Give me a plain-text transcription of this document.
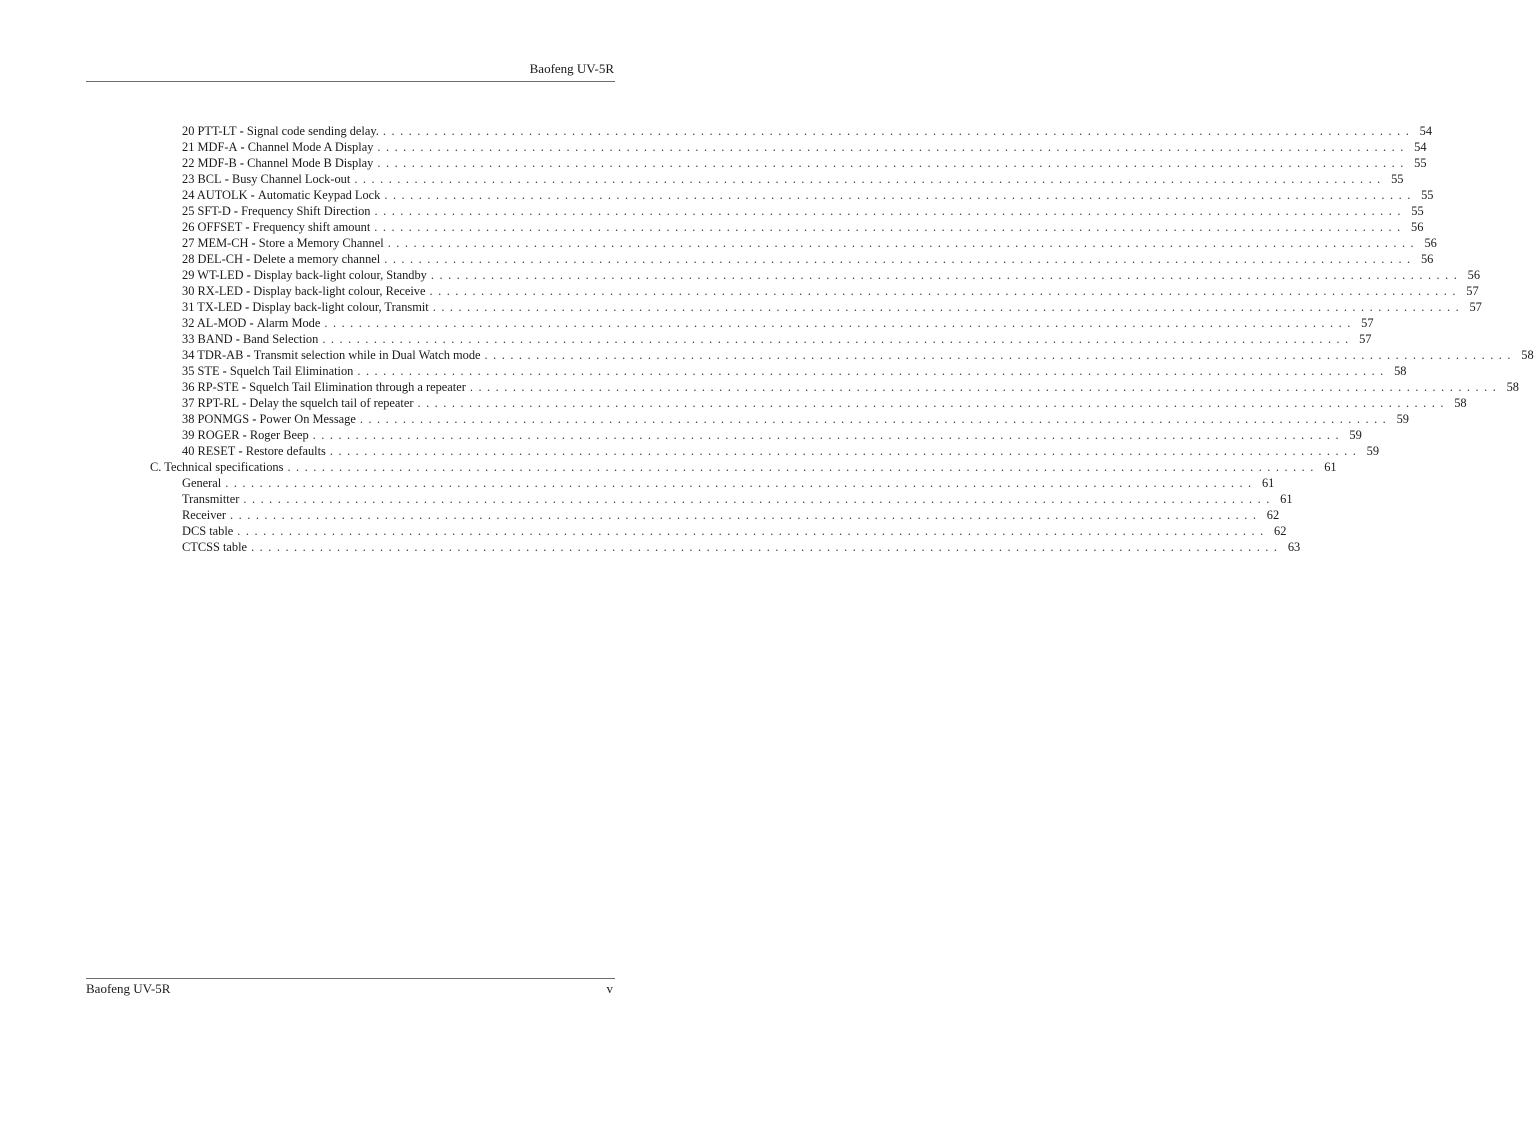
Baofeng UV-5R
20 PTT-LT - Signal code sending delay. . . . . . . . . . . . . . . . . . . . . . . . . . . . . . . . . . . . . . . . . . . . . . . . . . . . . . . . . . . . . . . . . . . . . . . . . . . . . . . . . . . . . . . . . . . . . . . . . . . . . . . . . . . . . . . . . . . . . . . . . 54
21 MDF-A - Channel Mode A Display . . . . . . . . . . . . . . . . . . . . . . . . . . . . . . . . . . . . . . . . . . . . . . . . . . . . . . . . . . . . . . . . . . . . . . . . . . . . . . . . . . . . . . . . . . . . . . . . . . . . . . . . . . . . . . . . . . . . . . . . 54
22 MDF-B - Channel Mode B Display . . . . . . . . . . . . . . . . . . . . . . . . . . . . . . . . . . . . . . . . . . . . . . . . . . . . . . . . . . . . . . . . . . . . . . . . . . . . . . . . . . . . . . . . . . . . . . . . . . . . . . . . . . . . . . . . . . . . . . . . 55
23 BCL - Busy Channel Lock-out . . . . . . . . . . . . . . . . . . . . . . . . . . . . . . . . . . . . . . . . . . . . . . . . . . . . . . . . . . . . . . . . . . . . . . . . . . . . . . . . . . . . . . . . . . . . . . . . . . . . . . . . . . . . . . . . . . . . . . . . 55
24 AUTOLK - Automatic Keypad Lock . . . . . . . . . . . . . . . . . . . . . . . . . . . . . . . . . . . . . . . . . . . . . . . . . . . . . . . . . . . . . . . . . . . . . . . . . . . . . . . . . . . . . . . . . . . . . . . . . . . . . . . . . . . . . . . . . . . . . . . . 55
25 SFT-D - Frequency Shift Direction . . . . . . . . . . . . . . . . . . . . . . . . . . . . . . . . . . . . . . . . . . . . . . . . . . . . . . . . . . . . . . . . . . . . . . . . . . . . . . . . . . . . . . . . . . . . . . . . . . . . . . . . . . . . . . . . . . . . . . . . 55
26 OFFSET - Frequency shift amount . . . . . . . . . . . . . . . . . . . . . . . . . . . . . . . . . . . . . . . . . . . . . . . . . . . . . . . . . . . . . . . . . . . . . . . . . . . . . . . . . . . . . . . . . . . . . . . . . . . . . . . . . . . . . . . . . . . . . . . . 56
27 MEM-CH - Store a Memory Channel . . . . . . . . . . . . . . . . . . . . . . . . . . . . . . . . . . . . . . . . . . . . . . . . . . . . . . . . . . . . . . . . . . . . . . . . . . . . . . . . . . . . . . . . . . . . . . . . . . . . . . . . . . . . . . . . . . . . . . . . 56
28 DEL-CH - Delete a memory channel . . . . . . . . . . . . . . . . . . . . . . . . . . . . . . . . . . . . . . . . . . . . . . . . . . . . . . . . . . . . . . . . . . . . . . . . . . . . . . . . . . . . . . . . . . . . . . . . . . . . . . . . . . . . . . . . . . . . . . . . 56
29 WT-LED - Display back-light colour, Standby . . . . . . . . . . . . . . . . . . . . . . . . . . . . . . . . . . . . . . . . . . . . . . . . . . . . . . . . . . . . . . . . . . . . . . . . . . . . . . . . . . . . . . . . . . . . . . . . . . . . . . . . . . . . . . . . . . . . . . . . 56
30 RX-LED - Display back-light colour, Receive . . . . . . . . . . . . . . . . . . . . . . . . . . . . . . . . . . . . . . . . . . . . . . . . . . . . . . . . . . . . . . . . . . . . . . . . . . . . . . . . . . . . . . . . . . . . . . . . . . . . . . . . . . . . . . . . . . . . . . . . 57
31 TX-LED - Display back-light colour, Transmit . . . . . . . . . . . . . . . . . . . . . . . . . . . . . . . . . . . . . . . . . . . . . . . . . . . . . . . . . . . . . . . . . . . . . . . . . . . . . . . . . . . . . . . . . . . . . . . . . . . . . . . . . . . . . . . . . . . . . . . . 57
32 AL-MOD - Alarm Mode . . . . . . . . . . . . . . . . . . . . . . . . . . . . . . . . . . . . . . . . . . . . . . . . . . . . . . . . . . . . . . . . . . . . . . . . . . . . . . . . . . . . . . . . . . . . . . . . . . . . . . . . . . . . . . . . . . . . . . . . 57
33 BAND - Band Selection . . . . . . . . . . . . . . . . . . . . . . . . . . . . . . . . . . . . . . . . . . . . . . . . . . . . . . . . . . . . . . . . . . . . . . . . . . . . . . . . . . . . . . . . . . . . . . . . . . . . . . . . . . . . . . . . . . . . . . . . 57
34 TDR-AB - Transmit selection while in Dual Watch mode . . . . . . . . . . . . . . . . . . . . . . . . . . . . . . . . . . . . . . . . . . . . . . . . . . . . . . . . . . . . . . . . . . . . . . . . . . . . . . . . . . . . . . . . . . . . . . . . . . . . . . . . . . . . . . . . . . . . . . . . 58
35 STE - Squelch Tail Elimination . . . . . . . . . . . . . . . . . . . . . . . . . . . . . . . . . . . . . . . . . . . . . . . . . . . . . . . . . . . . . . . . . . . . . . . . . . . . . . . . . . . . . . . . . . . . . . . . . . . . . . . . . . . . . . . . . . . . . . . . 58
36 RP-STE - Squelch Tail Elimination through a repeater . . . . . . . . . . . . . . . . . . . . . . . . . . . . . . . . . . . . . . . . . . . . . . . . . . . . . . . . . . . . . . . . . . . . . . . . . . . . . . . . . . . . . . . . . . . . . . . . . . . . . . . . . . . . . . . . . . . . . . . . 58
37 RPT-RL - Delay the squelch tail of repeater . . . . . . . . . . . . . . . . . . . . . . . . . . . . . . . . . . . . . . . . . . . . . . . . . . . . . . . . . . . . . . . . . . . . . . . . . . . . . . . . . . . . . . . . . . . . . . . . . . . . . . . . . . . . . . . . . . . . . . . . 58
38 PONMGS - Power On Message . . . . . . . . . . . . . . . . . . . . . . . . . . . . . . . . . . . . . . . . . . . . . . . . . . . . . . . . . . . . . . . . . . . . . . . . . . . . . . . . . . . . . . . . . . . . . . . . . . . . . . . . . . . . . . . . . . . . . . . . 59
39 ROGER - Roger Beep . . . . . . . . . . . . . . . . . . . . . . . . . . . . . . . . . . . . . . . . . . . . . . . . . . . . . . . . . . . . . . . . . . . . . . . . . . . . . . . . . . . . . . . . . . . . . . . . . . . . . . . . . . . . . . . . . . . . . . . . 59
40 RESET - Restore defaults . . . . . . . . . . . . . . . . . . . . . . . . . . . . . . . . . . . . . . . . . . . . . . . . . . . . . . . . . . . . . . . . . . . . . . . . . . . . . . . . . . . . . . . . . . . . . . . . . . . . . . . . . . . . . . . . . . . . . . . . 59
C. Technical specifications . . . . . . . . . . . . . . . . . . . . . . . . . . . . . . . . . . . . . . . . . . . . . . . . . . . . . . . . . . . . . . . . . . . . . . . . . . . . . . . . . . . . . . . . . . . . . . . . . . . . . . . . . . . . . . . . . . . . . . . . 61
General . . . . . . . . . . . . . . . . . . . . . . . . . . . . . . . . . . . . . . . . . . . . . . . . . . . . . . . . . . . . . . . . . . . . . . . . . . . . . . . . . . . . . . . . . . . . . . . . . . . . . . . . . . . . . . . . . . . . . . . . 61
Transmitter . . . . . . . . . . . . . . . . . . . . . . . . . . . . . . . . . . . . . . . . . . . . . . . . . . . . . . . . . . . . . . . . . . . . . . . . . . . . . . . . . . . . . . . . . . . . . . . . . . . . . . . . . . . . . . . . . . . . . . . . 61
Receiver . . . . . . . . . . . . . . . . . . . . . . . . . . . . . . . . . . . . . . . . . . . . . . . . . . . . . . . . . . . . . . . . . . . . . . . . . . . . . . . . . . . . . . . . . . . . . . . . . . . . . . . . . . . . . . . . . . . . . . . . 62
DCS table . . . . . . . . . . . . . . . . . . . . . . . . . . . . . . . . . . . . . . . . . . . . . . . . . . . . . . . . . . . . . . . . . . . . . . . . . . . . . . . . . . . . . . . . . . . . . . . . . . . . . . . . . . . . . . . . . . . . . . . . 62
CTCSS table . . . . . . . . . . . . . . . . . . . . . . . . . . . . . . . . . . . . . . . . . . . . . . . . . . . . . . . . . . . . . . . . . . . . . . . . . . . . . . . . . . . . . . . . . . . . . . . . . . . . . . . . . . . . . . . . . . . . . . . . 63
Baofeng UV-5R	v
